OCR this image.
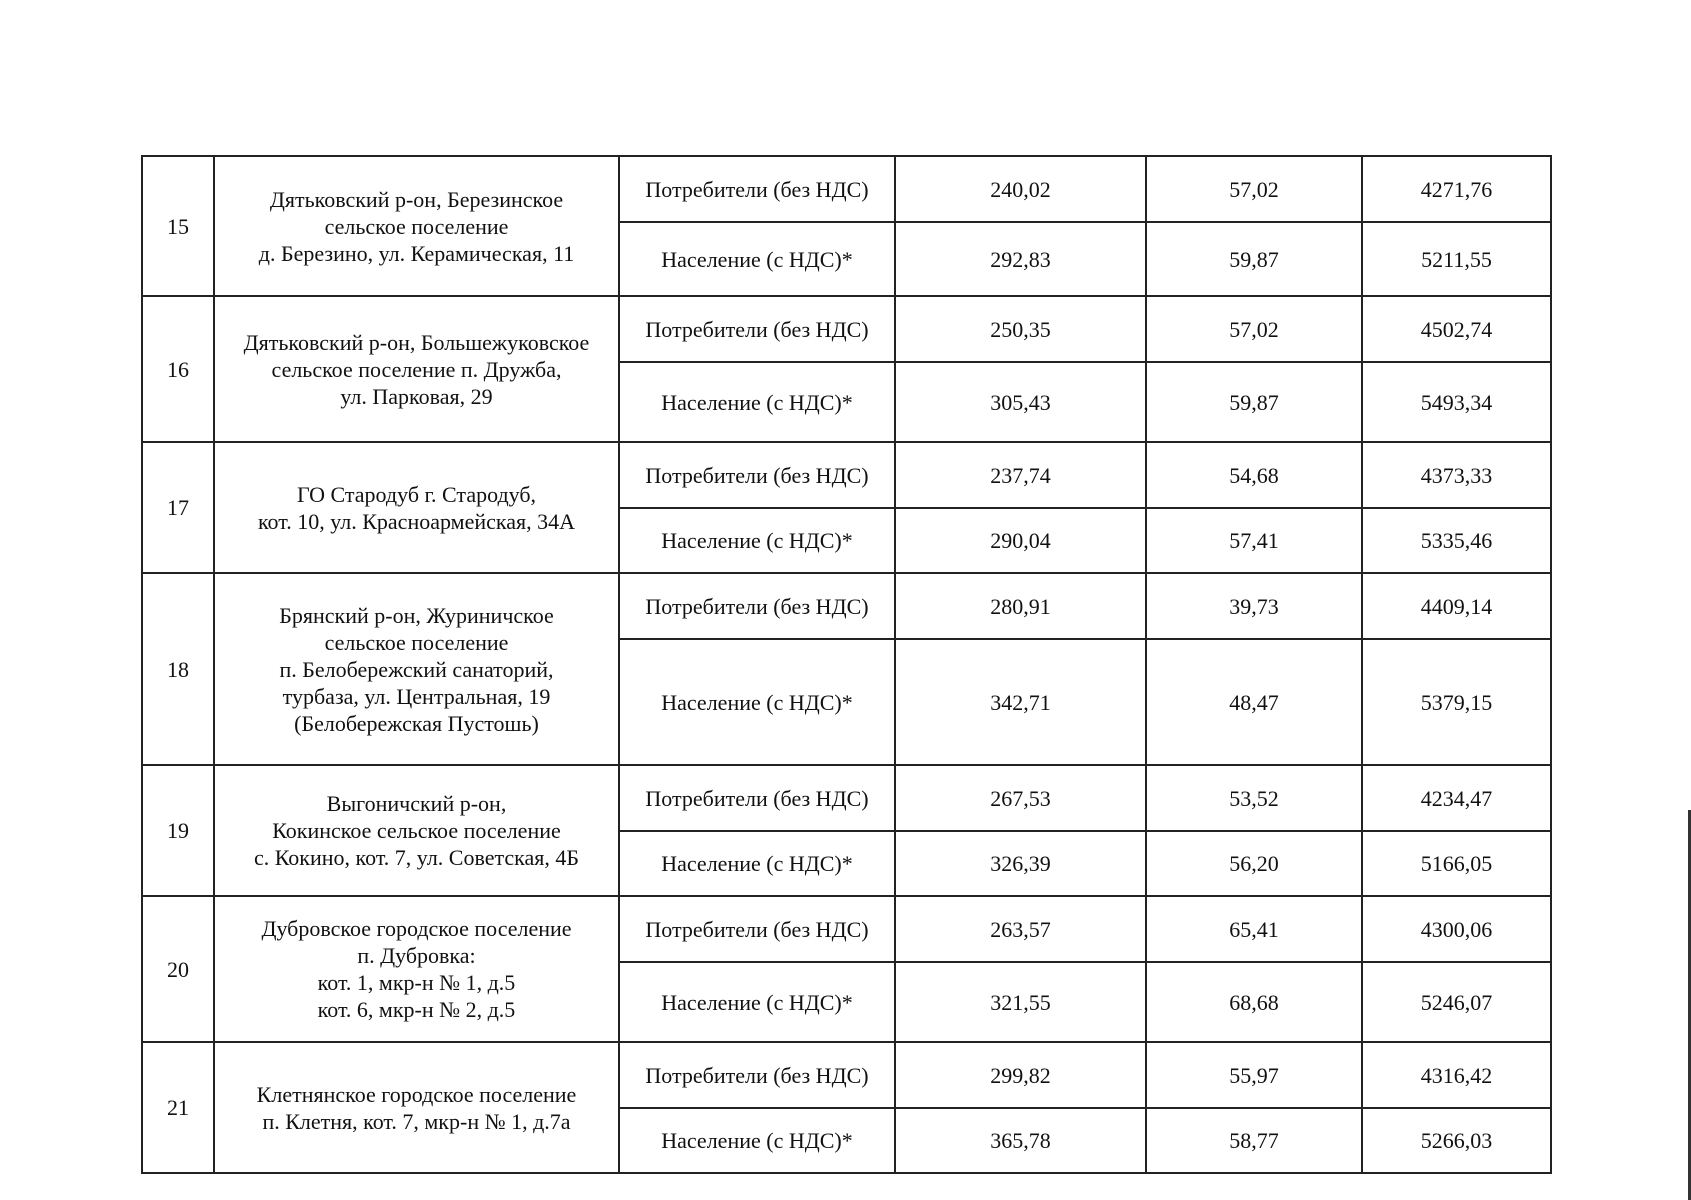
15	Дятьковский р-он, Березинское
сельское поселение
д. Березино, ул. Керамическая, 11	Потребители (без НДС)	240,02	57,02	4271,76
		Население (с НДС)*	292,83	59,87	5211,55
16	Дятьковский р-он, Большежуковское
сельское поселение п. Дружба,
ул. Парковая, 29	Потребители (без НДС)	250,35	57,02	4502,74
		Население (с НДС)*	305,43	59,87	5493,34
17	ГО Стародуб г. Стародуб,
кот. 10, ул. Красноармейская, 34А	Потребители (без НДС)	237,74	54,68	4373,33
		Население (с НДС)*	290,04	57,41	5335,46
18	Брянский р-он, Журиничское
сельское поселение
п. Белобережский санаторий,
турбаза, ул. Центральная, 19
(Белобережская Пустошь)	Потребители (без НДС)	280,91	39,73	4409,14
		Население (с НДС)*	342,71	48,47	5379,15
19	Выгоничский р-он,
Кокинское сельское поселение
с. Кокино, кот. 7, ул. Советская, 4Б	Потребители (без НДС)	267,53	53,52	4234,47
		Население (с НДС)*	326,39	56,20	5166,05
20	Дубровское городское поселение
п. Дубровка:
кот. 1, мкр-н № 1, д.5
кот. 6, мкр-н № 2, д.5	Потребители (без НДС)	263,57	65,41	4300,06
		Население (с НДС)*	321,55	68,68	5246,07
21	Клетнянское городское поселение
п. Клетня, кот. 7, мкр-н № 1, д.7а	Потребители (без НДС)	299,82	55,97	4316,42
		Население (с НДС)*	365,78	58,77	5266,03
